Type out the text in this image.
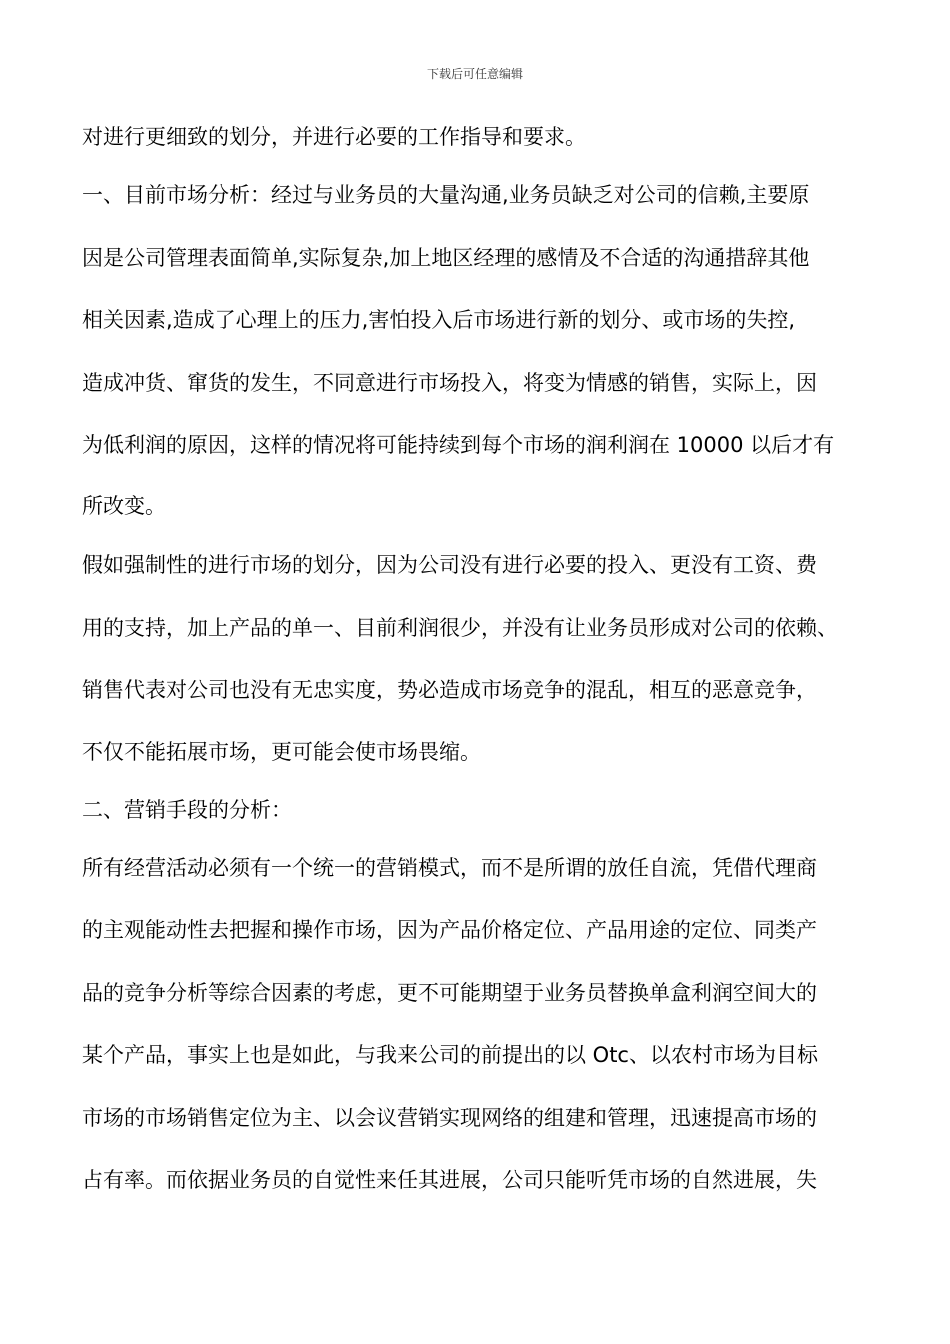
下载后可任意编辑
对进行更细致的划分，并进行必要的工作指导和要求。
一、目前市场分析：经过与业务员的大量沟通,业务员缺乏对公司的信赖,主要原
因是公司管理表面简单,实际复杂,加上地区经理的感情及不合适的沟通措辞其他
相关因素,造成了心理上的压力,害怕投入后市场进行新的划分、或市场的失控,
造成冲货、窜货的发生，不同意进行市场投入，将变为情感的销售，实际上，因
为低利润的原因，这样的情况将可能持续到每个市场的润利润在 10000 以后才有
所改变。
假如强制性的进行市场的划分，因为公司没有进行必要的投入、更没有工资、费
用的支持，加上产品的单一、目前利润很少，并没有让业务员形成对公司的依赖、
销售代表对公司也没有无忠实度，势必造成市场竞争的混乱，相互的恶意竞争，
不仅不能拓展市场，更可能会使市场畏缩。
二、营销手段的分析：
所有经营活动必须有一个统一的营销模式，而不是所谓的放任自流，凭借代理商
的主观能动性去把握和操作市场，因为产品价格定位、产品用途的定位、同类产
品的竞争分析等综合因素的考虑，更不可能期望于业务员替换单盒利润空间大的
某个产品，事实上也是如此，与我来公司的前提出的以 Otc、以农村市场为目标
市场的市场销售定位为主、以会议营销实现网络的组建和管理，迅速提高市场的
占有率。而依据业务员的自觉性来任其进展，公司只能听凭市场的自然进展，失
